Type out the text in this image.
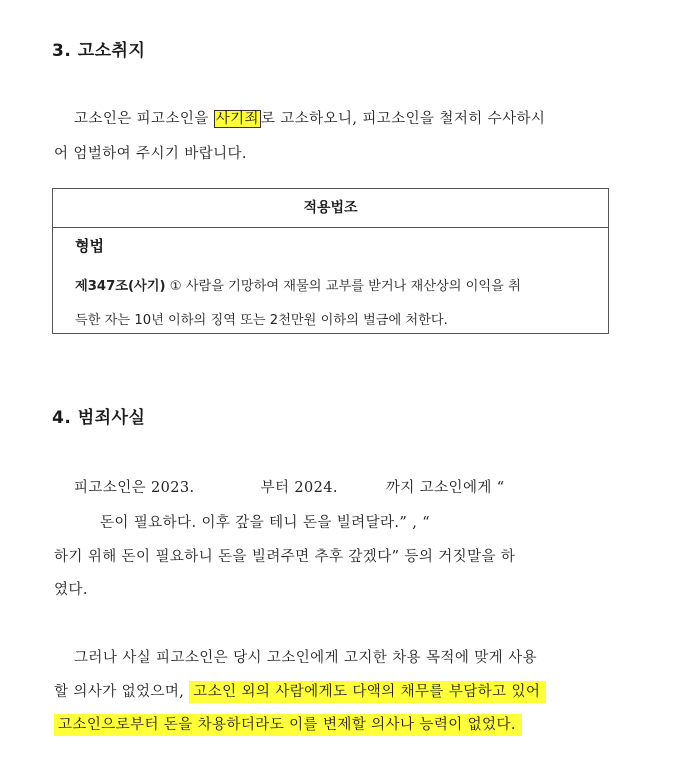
3. 고소취지
고소인은 피고소인을 사기죄 로 고소하오니, 피고소인을 철저히 수사하시
어 엄벌하여 주시기 바랍니다.
적용법조
형법
제347조(사기) ① 사람을 기망하여 재물의 교부를 받거나 재산상의 이익을 취
득한 자는 10년 이하의 징역 또는 2천만원 이하의 벌금에 처한다.
4. 범죄사실
피고소인은 2023.	부터 2024.	까지 고소인에게 “
돈이 필요하다. 이후 갚을 테니 돈을 빌려달라.” , “
하기 위해 돈이 필요하니 돈을 빌려주면 추후 갚겠다” 등의 거짓말을 하
였다.
그러나 사실 피고소인은 당시 고소인에게 고지한 차용 목적에 맞게 사용
할 의사가 없었으며, 고소인 외의 사람에게도 다액의 채무를 부담하고 있어
고소인으로부터 돈을 차용하더라도 이를 변제할 의사나 능력이 없었다.
